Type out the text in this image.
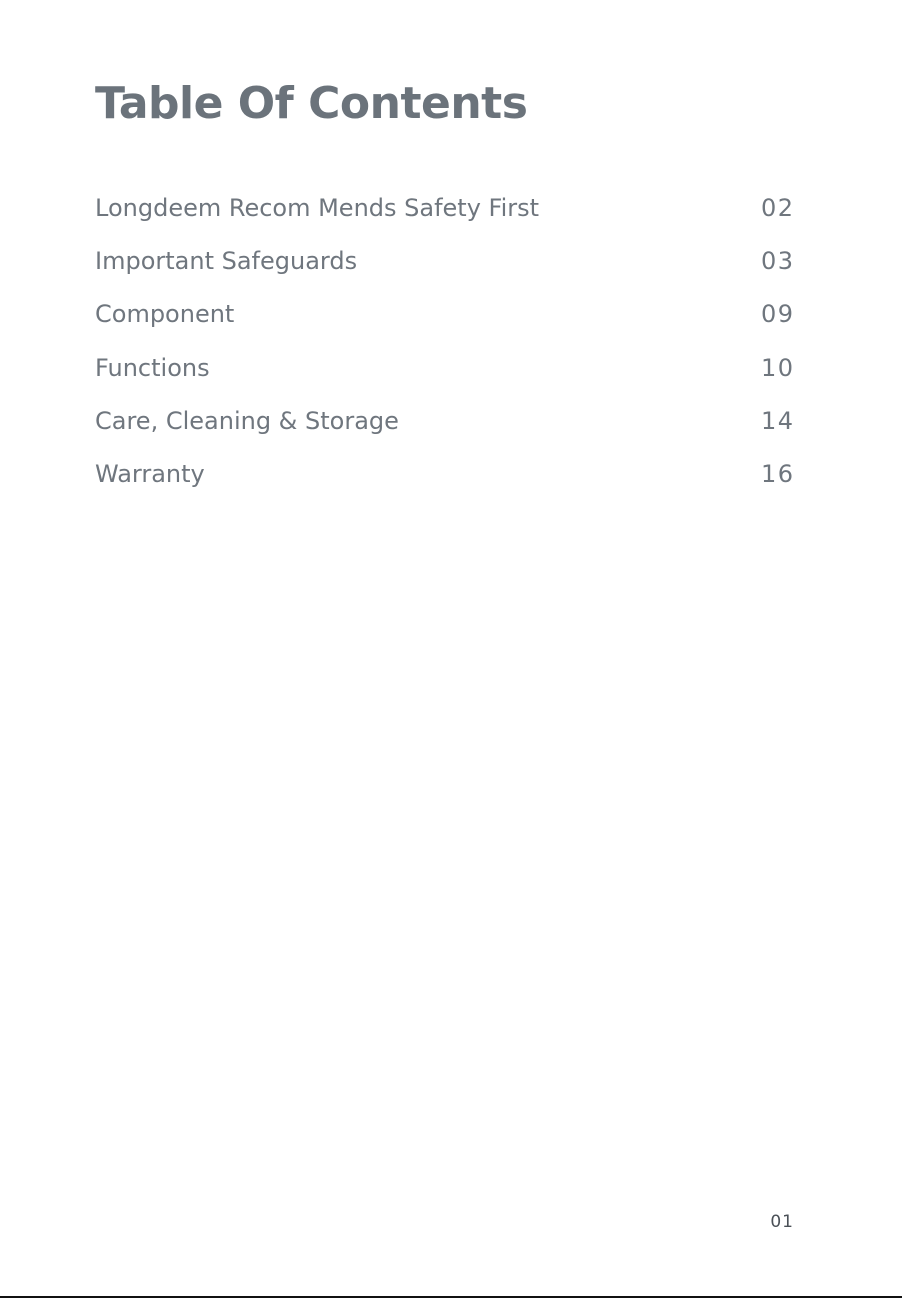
Table Of Contents
Longdeem Recom Mends Safety First	02
Important Safeguards	03
Component	09
Functions	10
Care, Cleaning & Storage	14
Warranty	16
01
